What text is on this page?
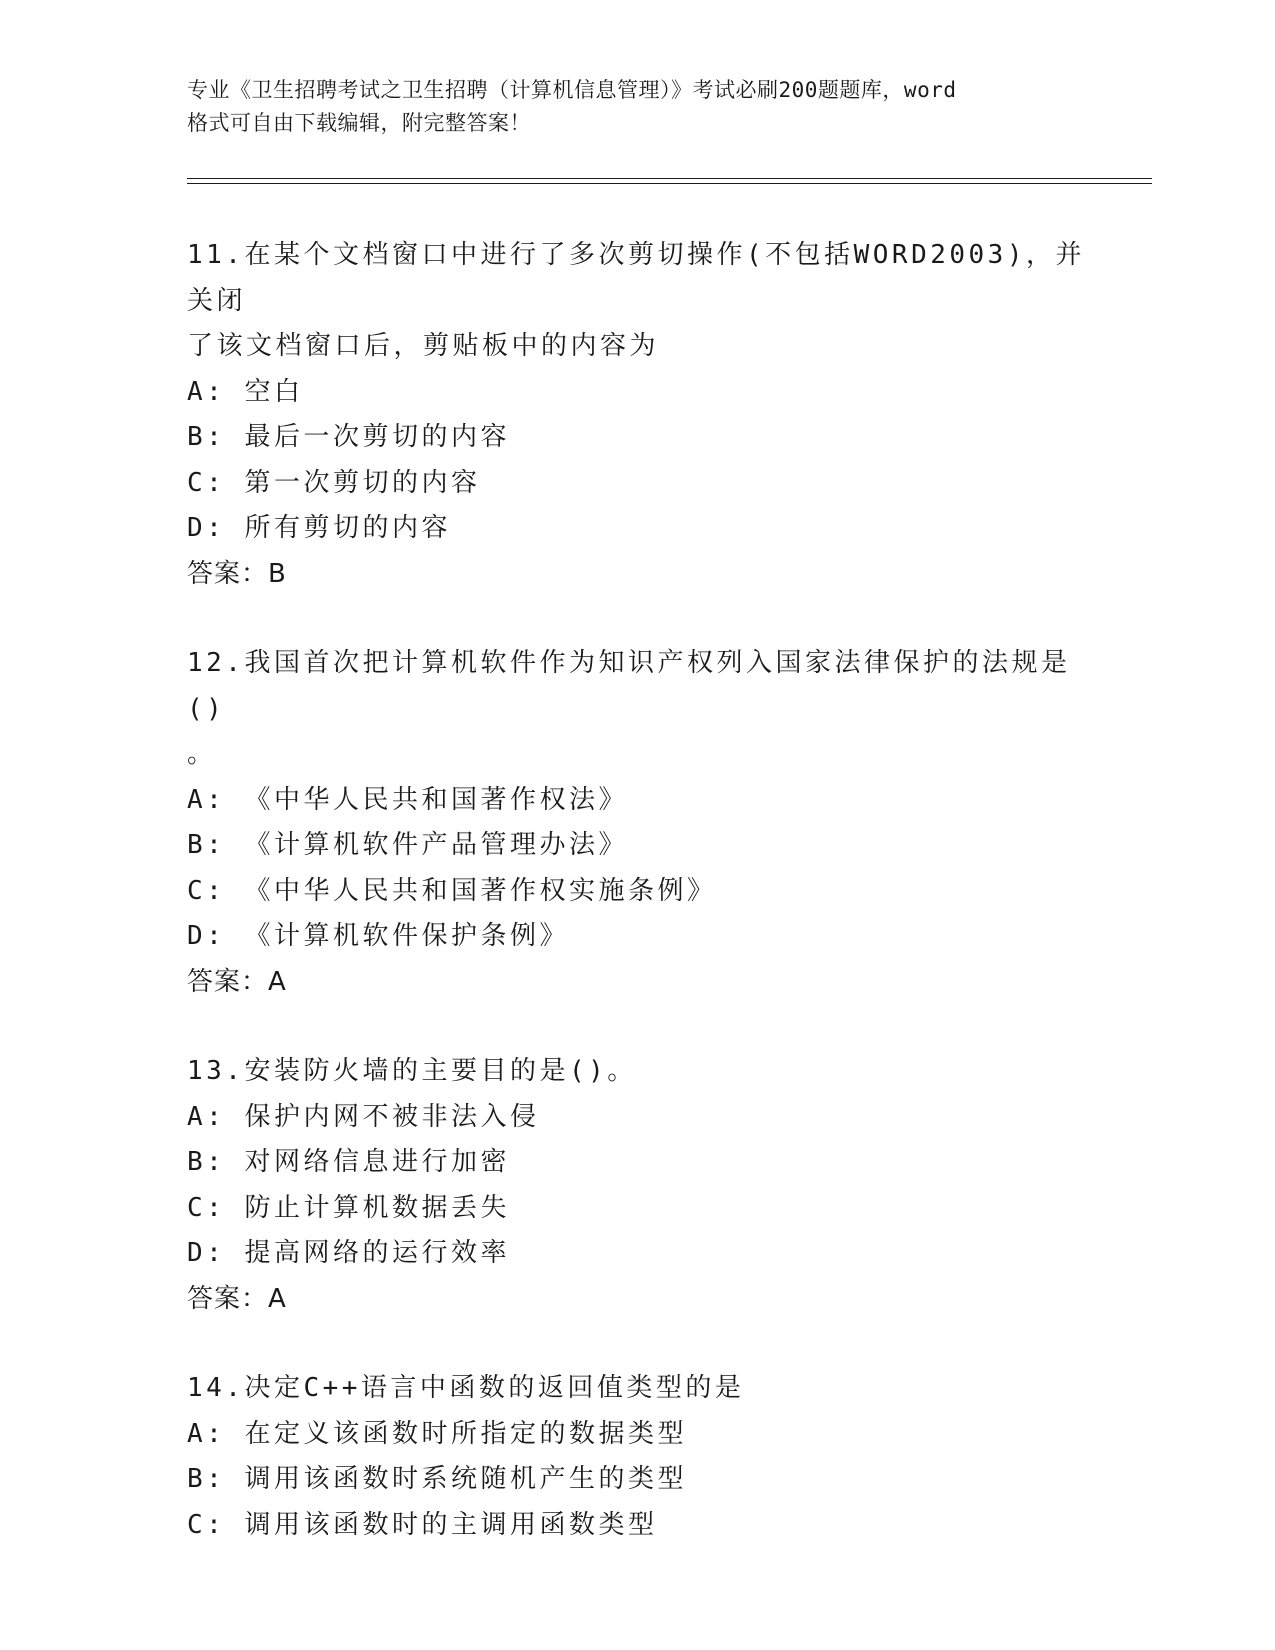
专业《卫生招聘考试之卫生招聘（计算机信息管理）》考试必刷200题题库，word
格式可自由下载编辑，附完整答案！
11.在某个文档窗口中进行了多次剪切操作(不包括WORD2003)，并关闭
了该文档窗口后，剪贴板中的内容为
A: 空白
B: 最后一次剪切的内容
C: 第一次剪切的内容
D: 所有剪切的内容
答案：B
12.我国首次把计算机软件作为知识产权列入国家法律保护的法规是()
。
A: 《中华人民共和国著作权法》
B: 《计算机软件产品管理办法》
C: 《中华人民共和国著作权实施条例》
D: 《计算机软件保护条例》
答案：A
13.安装防火墙的主要目的是()。
A: 保护内网不被非法入侵
B: 对网络信息进行加密
C: 防止计算机数据丢失
D: 提高网络的运行效率
答案：A
14.决定C++语言中函数的返回值类型的是
A: 在定义该函数时所指定的数据类型
B: 调用该函数时系统随机产生的类型
C: 调用该函数时的主调用函数类型
